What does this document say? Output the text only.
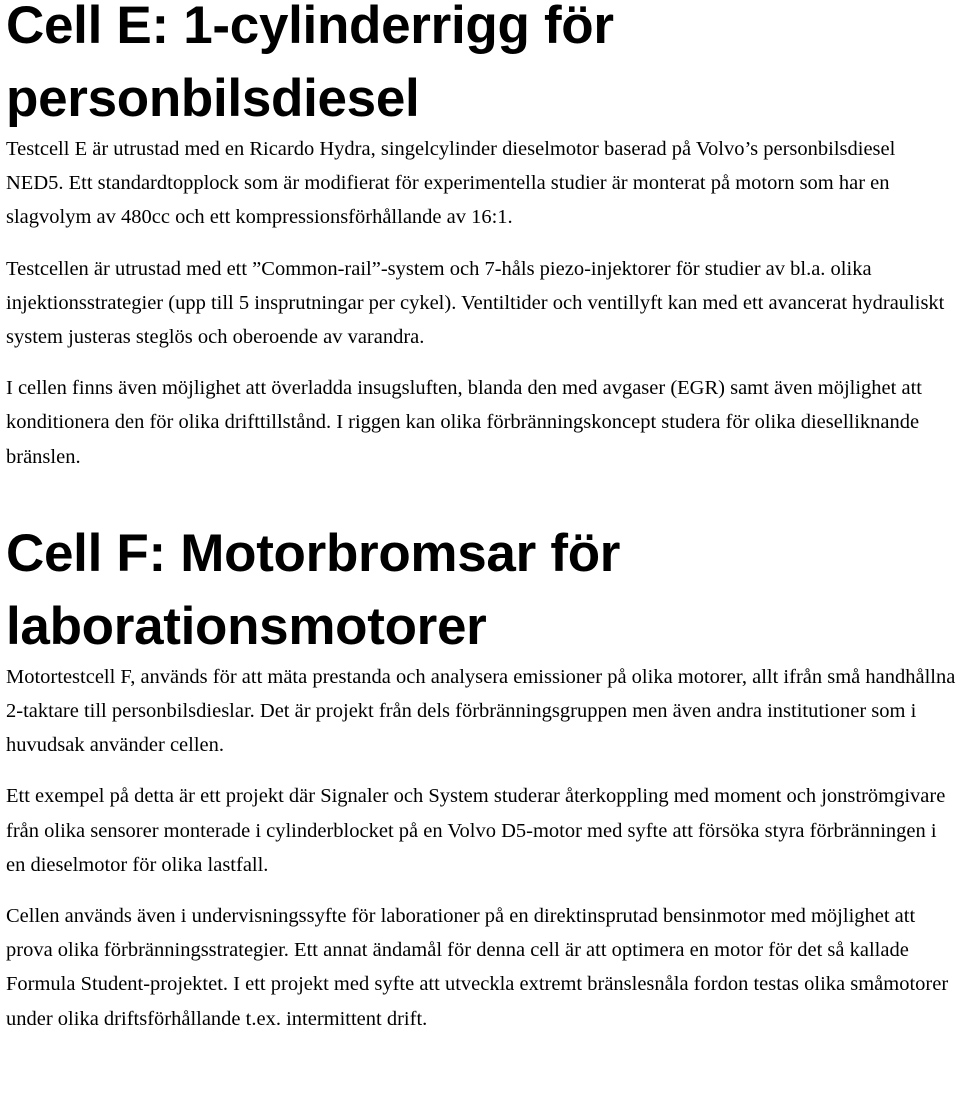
Cell E: 1-cylinderrigg för personbilsdiesel

Testcell E är utrustad med en Ricardo Hydra, singelcylinder dieselmotor baserad på Volvo’s personbilsdiesel NED5. Ett standardtopplock som är modifierat för experimentella studier är monterat på motorn som har en slagvolym av 480cc och ett kompressionsförhållande av 16:1.

Testcellen är utrustad med ett ”Common-rail”-system och 7-håls piezo-injektorer för studier av bl.a. olika injektionsstrategier (upp till 5 insprutningar per cykel). Ventiltider och ventillyft kan med ett avancerat hydrauliskt system justeras steglös och oberoende av varandra.

I cellen finns även möjlighet att överladda insugsluften, blanda den med avgaser (EGR) samt även möjlighet att konditionera den för olika drifttillstånd. I riggen kan olika förbränningskoncept studera för olika dieselliknande bränslen.

Cell F: Motorbromsar för laborationsmotorer

Motortestcell F, används för att mäta prestanda och analysera emissioner på olika motorer, allt ifrån små handhållna 2-taktare till personbilsdieslar. Det är projekt från dels förbränningsgruppen men även andra institutioner som i huvudsak använder cellen.

Ett exempel på detta är ett projekt där Signaler och System studerar återkoppling med moment och jonströmgivare från olika sensorer monterade i cylinderblocket på en Volvo D5-motor med syfte att försöka styra förbränningen i en dieselmotor för olika lastfall.

Cellen används även i undervisningssyfte för laborationer på en direktinsprutad bensinmotor med möjlighet att prova olika förbränningsstrategier. Ett annat ändamål för denna cell är att optimera en motor för det så kallade Formula Student-projektet. I ett projekt med syfte att utveckla extremt bränslesnåla fordon testas olika småmotorer under olika driftsförhållande t.ex. intermittent drift.
